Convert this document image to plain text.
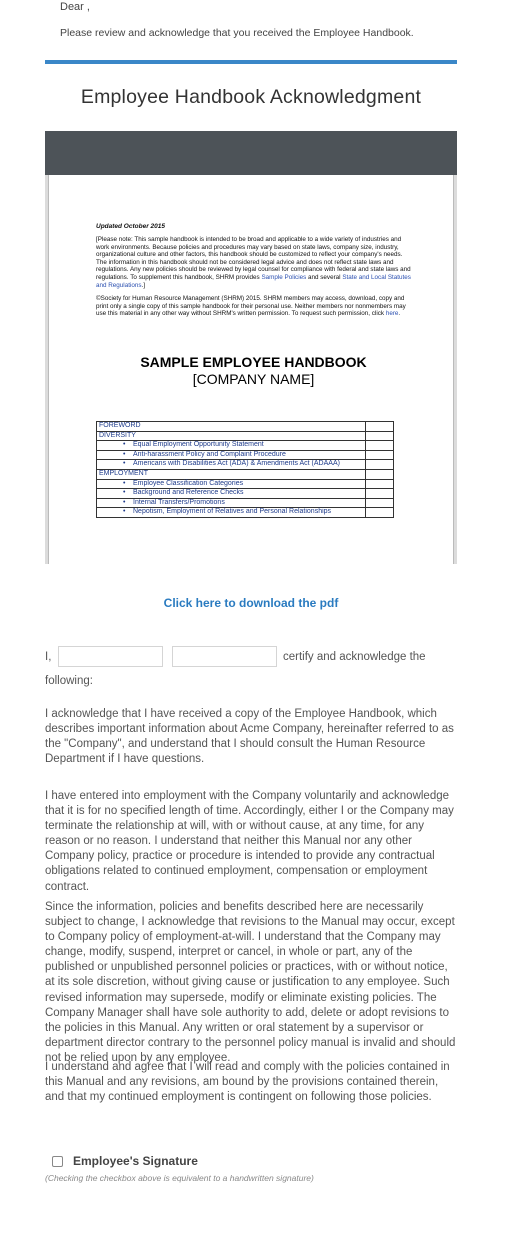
Dear ,
Please review and acknowledge that you received the Employee Handbook.
Employee Handbook Acknowledgment
Updated October 2015
[Please note: This sample handbook is intended to be broad and applicable to a wide variety of industries and work environments. Because policies and procedures may vary based on state laws, company size, industry, organizational culture and other factors, this handbook should be customized to reflect your company's needs. The information in this handbook should not be considered legal advice and does not reflect state laws and regulations. Any new policies should be reviewed by legal counsel for compliance with federal and state laws and regulations. To supplement this handbook, SHRM provides Sample Policies and several State and Local Statutes and Regulations.]
©Society for Human Resource Management (SHRM) 2015. SHRM members may access, download, copy and print only a single copy of this sample handbook for their personal use. Neither members nor nonmembers may use this material in any other way without SHRM's written permission. To request such permission, click here.
SAMPLE EMPLOYEE HANDBOOK
[COMPANY NAME]
FOREWORD	
DIVERSITY	

• Equal Employment Opportunity Statement

• Anti-harassment Policy and Complaint Procedure

• Americans with Disabilities Act (ADA) & Amendments Act (ADAAA)

EMPLOYMENT	

• Employee Classification Categories

• Background and Reference Checks

• Internal Transfers/Promotions

• Nepotism, Employment of Relatives and Personal Relationships

Click here to download the pdf
I,	certify and acknowledge the following:

I acknowledge that I have received a copy of the Employee Handbook, which describes important information about Acme Company, hereinafter referred to as the "Company", and understand that I should consult the Human Resource Department if I have questions.

I have entered into employment with the Company voluntarily and acknowledge that it is for no specified length of time. Accordingly, either I or the Company may terminate the relationship at will, with or without cause, at any time, for any reason or no reason. I understand that neither this Manual nor any other Company policy, practice or procedure is intended to provide any contractual obligations related to continued employment, compensation or employment contract.

Since the information, policies and benefits described here are necessarily subject to change, I acknowledge that revisions to the Manual may occur, except to Company policy of employment-at-will. I understand that the Company may change, modify, suspend, interpret or cancel, in whole or part, any of the published or unpublished personnel policies or practices, with or without notice, at its sole discretion, without giving cause or justification to any employee. Such revised information may supersede, modify or eliminate existing policies. The Company Manager shall have sole authority to add, delete or adopt revisions to the policies in this Manual. Any written or oral statement by a supervisor or department director contrary to the personnel policy manual is invalid and should not be relied upon by any employee.

I understand and agree that I will read and comply with the policies contained in this Manual and any revisions, am bound by the provisions contained therein, and that my continued employment is contingent on following those policies.

Employee's Signature
(Checking the checkbox above is equivalent to a handwritten signature)
